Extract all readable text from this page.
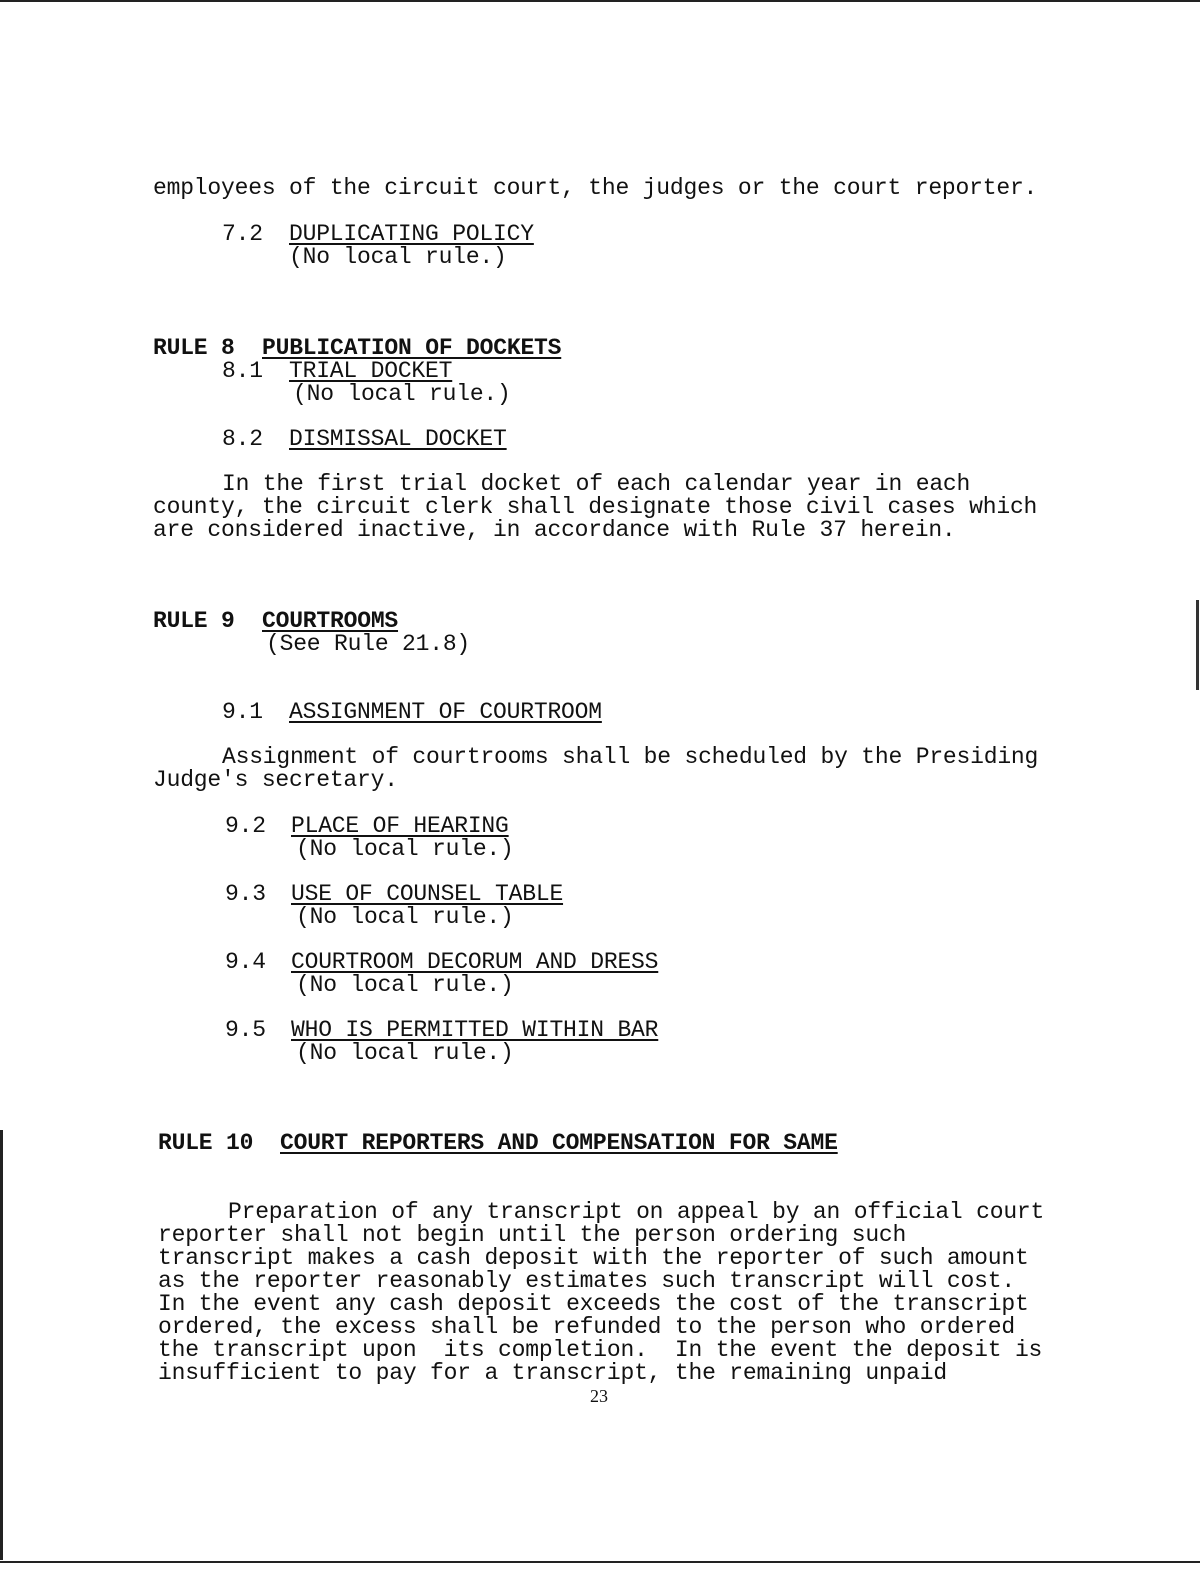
employees of the circuit court, the judges or the court reporter.
7.2 DUPLICATING POLICY
(No local rule.)
RULE 8 PUBLICATION OF DOCKETS
8.1 TRIAL DOCKET
(No local rule.)
8.2 DISMISSAL DOCKET
In the first trial docket of each calendar year in each
county, the circuit clerk shall designate those civil cases which
are considered inactive, in accordance with Rule 37 herein.
RULE 9 COURTROOMS
(See Rule 21.8)
9.1 ASSIGNMENT OF COURTROOM
Assignment of courtrooms shall be scheduled by the Presiding
Judge's secretary.
9.2 PLACE OF HEARING
(No local rule.)
9.3 USE OF COUNSEL TABLE
(No local rule.)
9.4 COURTROOM DECORUM AND DRESS
(No local rule.)
9.5 WHO IS PERMITTED WITHIN BAR
(No local rule.)
RULE 10 COURT REPORTERS AND COMPENSATION FOR SAME
Preparation of any transcript on appeal by an official court
reporter shall not begin until the person ordering such
transcript makes a cash deposit with the reporter of such amount
as the reporter reasonably estimates such transcript will cost.
In the event any cash deposit exceeds the cost of the transcript
ordered, the excess shall be refunded to the person who ordered
the transcript upon  its completion.  In the event the deposit is
insufficient to pay for a transcript, the remaining unpaid
23
